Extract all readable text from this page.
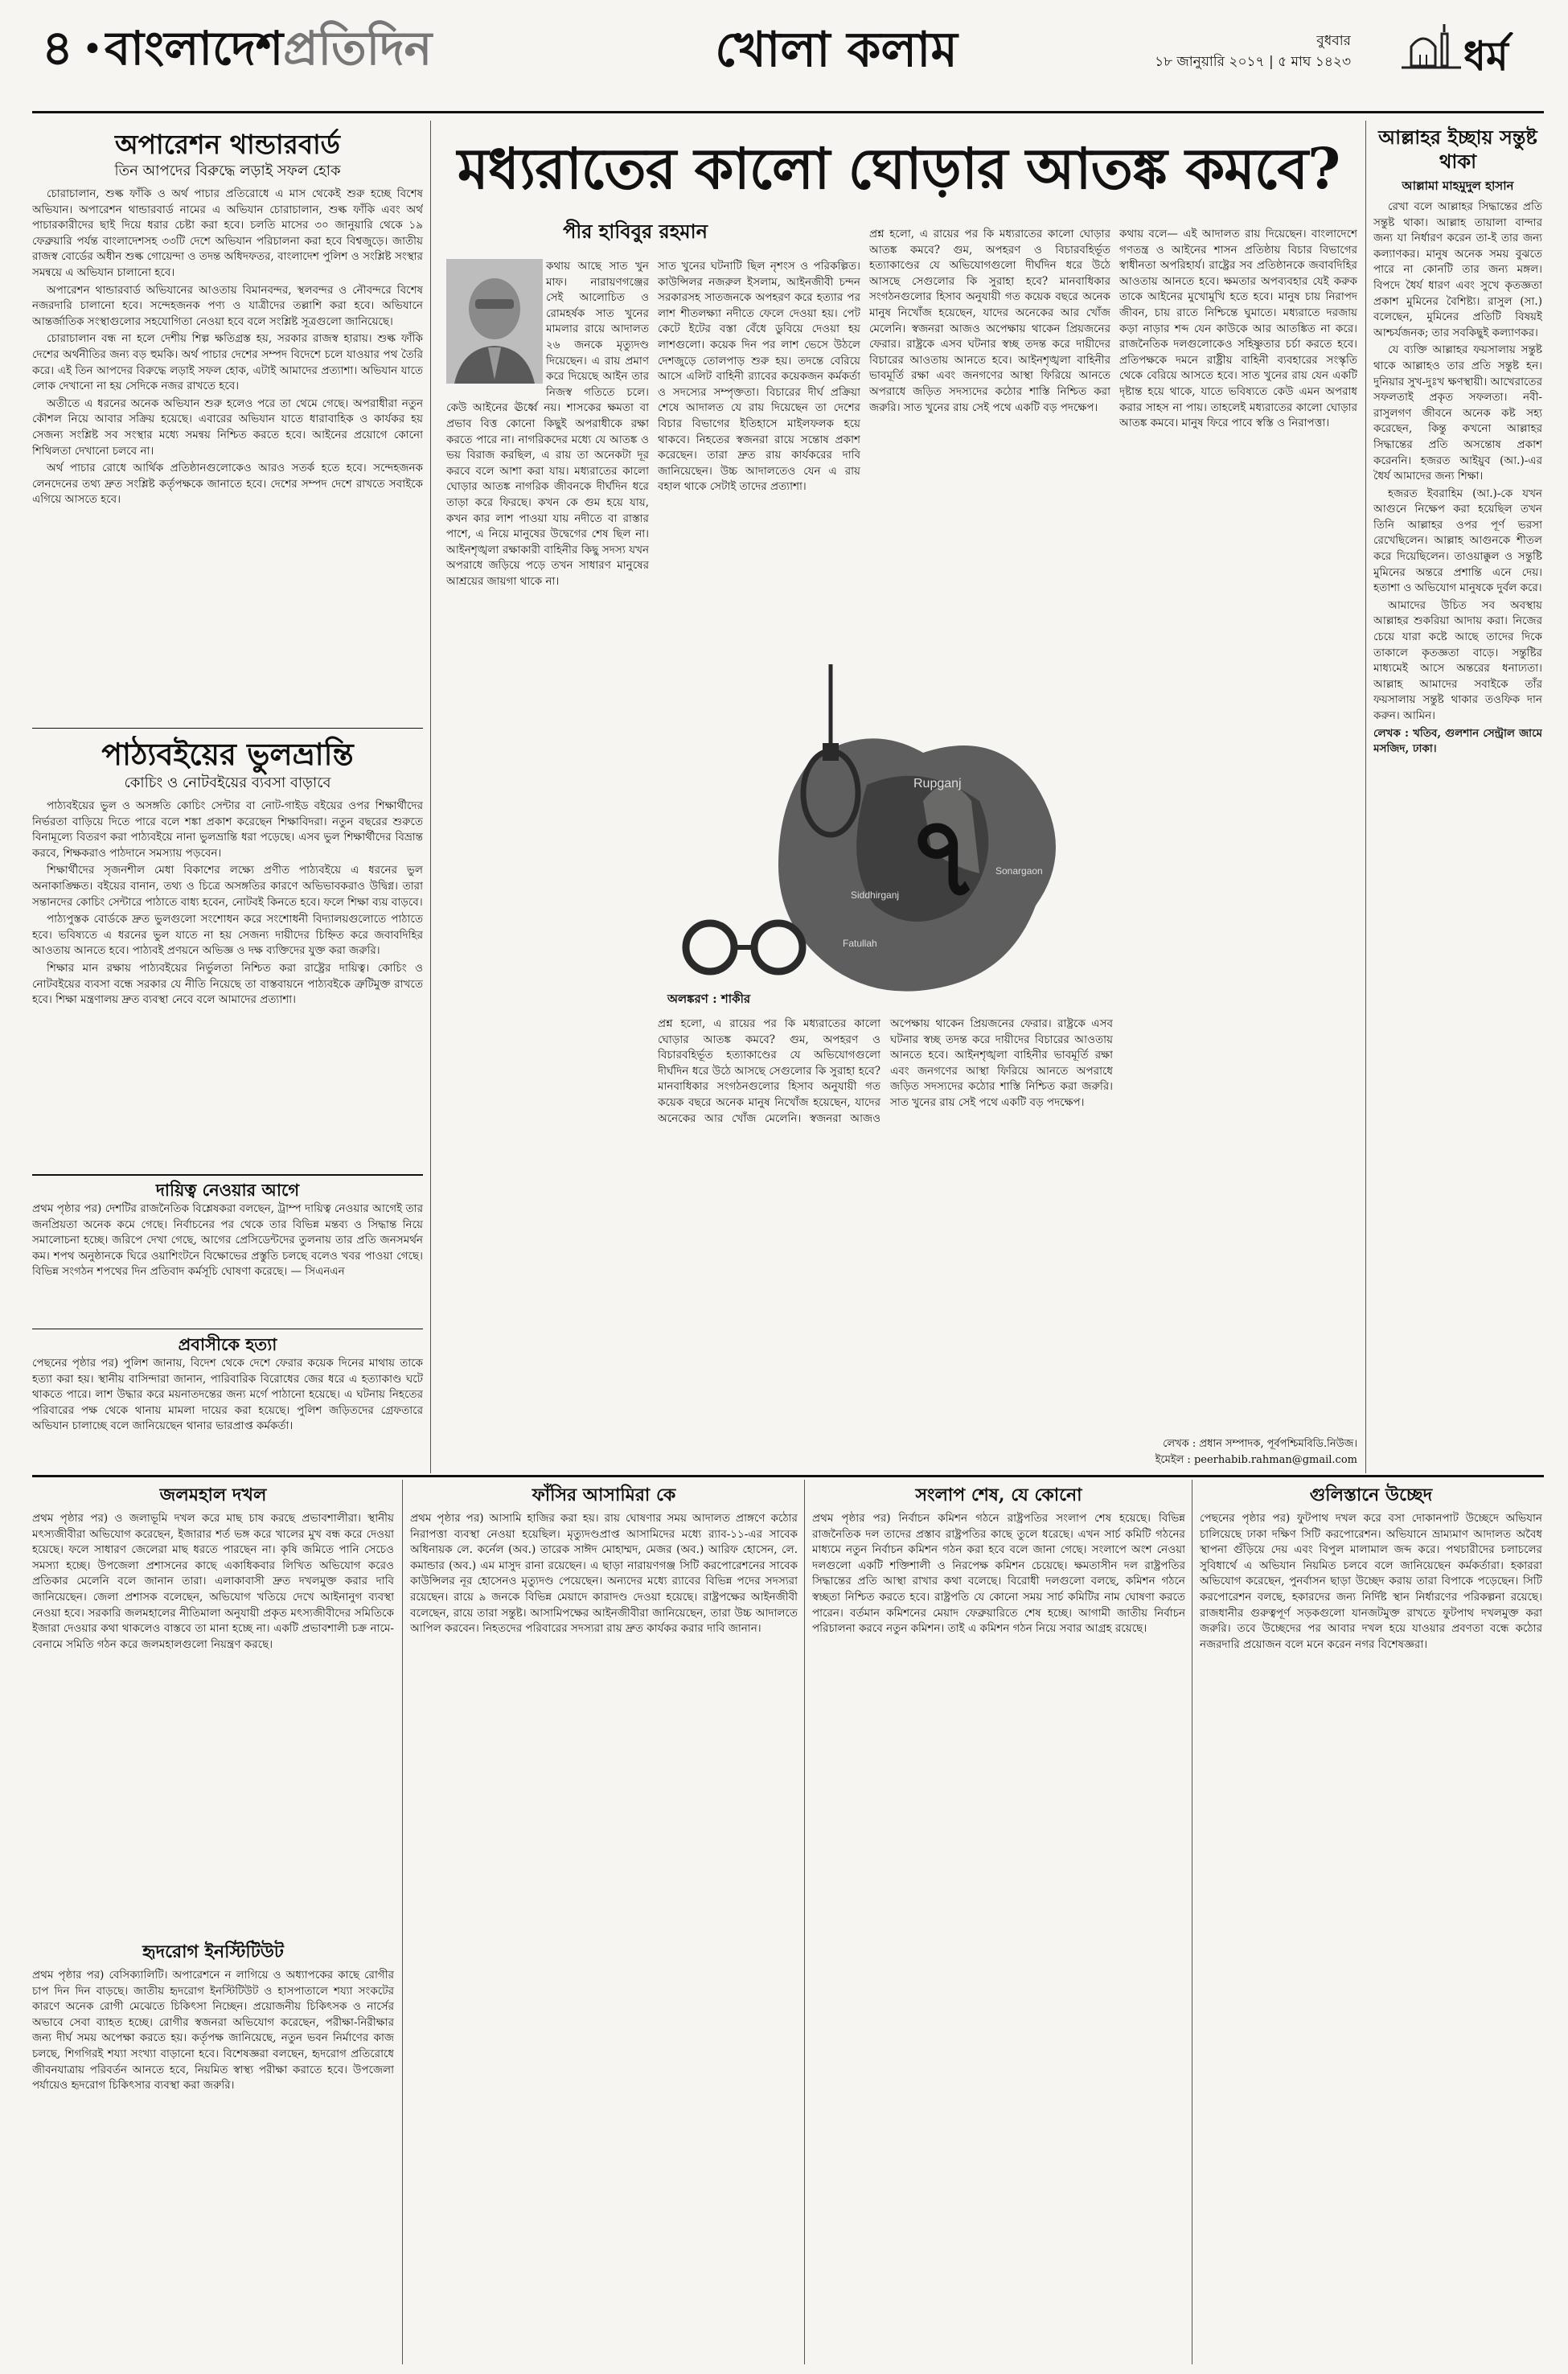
৪ • বাংলাদেশপ্রতিদিন	খোলা কলাম	বুধবার
১৮ জানুয়ারি ২০১৭ | ৫ মাঘ ১৪২৩	ধর্ম
অপারেশন থান্ডারবার্ড
তিন আপদের বিরুদ্ধে লড়াই সফল হোক

চোরাচালান, শুল্ক ফাঁকি ও অর্থ পাচার প্রতিরোধে এ মাস থেকেই শুরু হচ্ছে বিশেষ অভিযান। অপারেশন থান্ডারবার্ড নামের এ অভিযান চোরাচালান, শুল্ক ফাঁকি এবং অর্থ পাচারকারীদের ছাই দিয়ে ধরার চেষ্টা করা হবে। চলতি মাসের ৩০ জানুয়ারি থেকে ১৯ ফেব্রুয়ারি পর্যন্ত বাংলাদেশসহ ৩৩টি দেশে অভিযান পরিচালনা করা হবে বিশ্বজুড়ে। জাতীয় রাজস্ব বোর্ডের অধীন শুল্ক গোয়েন্দা ও তদন্ত অধিদফতর, বাংলাদেশ পুলিশ ও সংশ্লিষ্ট সংস্থার সমন্বয়ে এ অভিযান চালানো হবে।

অপারেশন থান্ডারবার্ড অভিযানের আওতায় বিমানবন্দর, স্থলবন্দর ও নৌবন্দরে বিশেষ নজরদারি চালানো হবে। সন্দেহজনক পণ্য ও যাত্রীদের তল্লাশি করা হবে। অভিযানে আন্তর্জাতিক সংস্থাগুলোর সহযোগিতা নেওয়া হবে বলে সংশ্লিষ্ট সূত্রগুলো জানিয়েছে।

চোরাচালান বন্ধ না হলে দেশীয় শিল্প ক্ষতিগ্রস্ত হয়, সরকার রাজস্ব হারায়। শুল্ক ফাঁকি দেশের অর্থনীতির জন্য বড় হুমকি। অর্থ পাচার দেশের সম্পদ বিদেশে চলে যাওয়ার পথ তৈরি করে। এই তিন আপদের বিরুদ্ধে লড়াই সফল হোক, এটাই আমাদের প্রত্যাশা। অভিযান যাতে লোক দেখানো না হয় সেদিকে নজর রাখতে হবে।

অতীতে এ ধরনের অনেক অভিযান শুরু হলেও পরে তা থেমে গেছে। অপরাধীরা নতুন কৌশল নিয়ে আবার সক্রিয় হয়েছে। এবারের অভিযান যাতে ধারাবাহিক ও কার্যকর হয় সেজন্য সংশ্লিষ্ট সব সংস্থার মধ্যে সমন্বয় নিশ্চিত করতে হবে। আইনের প্রয়োগে কোনো শিথিলতা দেখানো চলবে না।

অর্থ পাচার রোধে আর্থিক প্রতিষ্ঠানগুলোকেও আরও সতর্ক হতে হবে। সন্দেহজনক লেনদেনের তথ্য দ্রুত সংশ্লিষ্ট কর্তৃপক্ষকে জানাতে হবে। দেশের সম্পদ দেশে রাখতে সবাইকে এগিয়ে আসতে হবে।

পাঠ্যবইয়ের ভুলভ্রান্তি
কোচিং ও নোটবইয়ের ব্যবসা বাড়াবে

পাঠ্যবইয়ের ভুল ও অসঙ্গতি কোচিং সেন্টার বা নোট-গাইড বইয়ের ওপর শিক্ষার্থীদের নির্ভরতা বাড়িয়ে দিতে পারে বলে শঙ্কা প্রকাশ করেছেন শিক্ষাবিদরা। নতুন বছরের শুরুতে বিনামূল্যে বিতরণ করা পাঠ্যবইয়ে নানা ভুলভ্রান্তি ধরা পড়েছে। এসব ভুল শিক্ষার্থীদের বিভ্রান্ত করবে, শিক্ষকরাও পাঠদানে সমস্যায় পড়বেন।

শিক্ষার্থীদের সৃজনশীল মেধা বিকাশের লক্ষ্যে প্রণীত পাঠ্যবইয়ে এ ধরনের ভুল অনাকাঙ্ক্ষিত। বইয়ের বানান, তথ্য ও চিত্রে অসঙ্গতির কারণে অভিভাবকরাও উদ্বিগ্ন। তারা সন্তানদের কোচিং সেন্টারে পাঠাতে বাধ্য হবেন, নোটবই কিনতে হবে। ফলে শিক্ষা ব্যয় বাড়বে।

পাঠ্যপুস্তক বোর্ডকে দ্রুত ভুলগুলো সংশোধন করে সংশোধনী বিদ্যালয়গুলোতে পাঠাতে হবে। ভবিষ্যতে এ ধরনের ভুল যাতে না হয় সেজন্য দায়ীদের চিহ্নিত করে জবাবদিহির আওতায় আনতে হবে। পাঠ্যবই প্রণয়নে অভিজ্ঞ ও দক্ষ ব্যক্তিদের যুক্ত করা জরুরি।

শিক্ষার মান রক্ষায় পাঠ্যবইয়ের নির্ভুলতা নিশ্চিত করা রাষ্ট্রের দায়িত্ব। কোচিং ও নোটবইয়ের ব্যবসা বন্ধে সরকার যে নীতি নিয়েছে তা বাস্তবায়নে পাঠ্যবইকে ত্রুটিমুক্ত রাখতে হবে। শিক্ষা মন্ত্রণালয় দ্রুত ব্যবস্থা নেবে বলে আমাদের প্রত্যাশা।

দায়িত্ব নেওয়ার আগে
প্রথম পৃষ্ঠার পর) দেশটির রাজনৈতিক বিশ্লেষকরা বলছেন, ট্রাম্প দায়িত্ব নেওয়ার আগেই তার জনপ্রিয়তা অনেক কমে গেছে। নির্বাচনের পর থেকে তার বিভিন্ন মন্তব্য ও সিদ্ধান্ত নিয়ে সমালোচনা হচ্ছে। জরিপে দেখা গেছে, আগের প্রেসিডেন্টদের তুলনায় তার প্রতি জনসমর্থন কম। শপথ অনুষ্ঠানকে ঘিরে ওয়াশিংটনে বিক্ষোভের প্রস্তুতি চলছে বলেও খবর পাওয়া গেছে। বিভিন্ন সংগঠন শপথের দিন প্রতিবাদ কর্মসূচি ঘোষণা করেছে। — সিএনএন
প্রবাসীকে হত্যা
পেছনের পৃষ্ঠার পর) পুলিশ জানায়, বিদেশ থেকে দেশে ফেরার কয়েক দিনের মাথায় তাকে হত্যা করা হয়। স্থানীয় বাসিন্দারা জানান, পারিবারিক বিরোধের জের ধরে এ হত্যাকাণ্ড ঘটে থাকতে পারে। লাশ উদ্ধার করে ময়নাতদন্তের জন্য মর্গে পাঠানো হয়েছে। এ ঘটনায় নিহতের পরিবারের পক্ষ থেকে থানায় মামলা দায়ের করা হয়েছে। পুলিশ জড়িতদের গ্রেফতারে অভিযান চালাচ্ছে বলে জানিয়েছেন থানার ভারপ্রাপ্ত কর্মকর্তা।
মধ্যরাতের কালো ঘোড়ার আতঙ্ক কমবে?
পীর হাবিবুর রহমান
কথায় আছে সাত খুন মাফ। নারায়ণগঞ্জের সেই আলোচিত ও রোমহর্ষক সাত খুনের মামলার রায়ে আদালত ২৬ জনকে মৃত্যুদণ্ড দিয়েছেন। এ রায় প্রমাণ করে দিয়েছে আইন তার নিজস্ব গতিতে চলে। কেউ আইনের ঊর্ধ্বে নয়। শাসকের ক্ষমতা বা প্রভাব বিত্ত কোনো কিছুই অপরাধীকে রক্ষা করতে পারে না। নাগরিকদের মধ্যে যে আতঙ্ক ও ভয় বিরাজ করছিল, এ রায় তা অনেকটা দূর করবে বলে আশা করা যায়। মধ্যরাতের কালো ঘোড়ার আতঙ্ক নাগরিক জীবনকে দীর্ঘদিন ধরে তাড়া করে ফিরছে। কখন কে গুম হয়ে যায়, কখন কার লাশ পাওয়া যায় নদীতে বা রাস্তার পাশে, এ নিয়ে মানুষের উদ্বেগের শেষ ছিল না। আইনশৃঙ্খলা রক্ষাকারী বাহিনীর কিছু সদস্য যখন অপরাধে জড়িয়ে পড়ে তখন সাধারণ মানুষের আশ্রয়ের জায়গা থাকে না।
সাত খুনের ঘটনাটি ছিল নৃশংস ও পরিকল্পিত। কাউন্সিলর নজরুল ইসলাম, আইনজীবী চন্দন সরকারসহ সাতজনকে অপহরণ করে হত্যার পর লাশ শীতলক্ষ্যা নদীতে ফেলে দেওয়া হয়। পেট কেটে ইটের বস্তা বেঁধে ডুবিয়ে দেওয়া হয় লাশগুলো। কয়েক দিন পর লাশ ভেসে উঠলে দেশজুড়ে তোলপাড় শুরু হয়। তদন্তে বেরিয়ে আসে এলিট বাহিনী র‌্যাবের কয়েকজন কর্মকর্তা ও সদস্যের সম্পৃক্ততা। বিচারের দীর্ঘ প্রক্রিয়া শেষে আদালত যে রায় দিয়েছেন তা দেশের বিচার বিভাগের ইতিহাসে মাইলফলক হয়ে থাকবে। নিহতের স্বজনরা রায়ে সন্তোষ প্রকাশ করেছেন। তারা দ্রুত রায় কার্যকরের দাবি জানিয়েছেন। উচ্চ আদালতেও যেন এ রায় বহাল থাকে সেটাই তাদের প্রত্যাশা।
প্রশ্ন হলো, এ রায়ের পর কি মধ্যরাতের কালো ঘোড়ার আতঙ্ক কমবে? গুম, অপহরণ ও বিচারবহির্ভূত হত্যাকাণ্ডের যে অভিযোগগুলো দীর্ঘদিন ধরে উঠে আসছে সেগুলোর কি সুরাহা হবে? মানবাধিকার সংগঠনগুলোর হিসাব অনুযায়ী গত কয়েক বছরে অনেক মানুষ নিখোঁজ হয়েছেন, যাদের অনেকের আর খোঁজ মেলেনি। স্বজনরা আজও অপেক্ষায় থাকেন প্রিয়জনের ফেরার। রাষ্ট্রকে এসব ঘটনার স্বচ্ছ তদন্ত করে দায়ীদের বিচারের আওতায় আনতে হবে। আইনশৃঙ্খলা বাহিনীর ভাবমূর্তি রক্ষা এবং জনগণের আস্থা ফিরিয়ে আনতে অপরাধে জড়িত সদস্যদের কঠোর শাস্তি নিশ্চিত করা জরুরি। সাত খুনের রায় সেই পথে একটি বড় পদক্ষেপ।
কথায় বলে— এই আদালত রায় দিয়েছেন। বাংলাদেশে গণতন্ত্র ও আইনের শাসন প্রতিষ্ঠায় বিচার বিভাগের স্বাধীনতা অপরিহার্য। রাষ্ট্রের সব প্রতিষ্ঠানকে জবাবদিহির আওতায় আনতে হবে। ক্ষমতার অপব্যবহার যেই করুক তাকে আইনের মুখোমুখি হতে হবে। মানুষ চায় নিরাপদ জীবন, চায় রাতে নিশ্চিন্তে ঘুমাতে। মধ্যরাতে দরজায় কড়া নাড়ার শব্দ যেন কাউকে আর আতঙ্কিত না করে। রাজনৈতিক দলগুলোকেও সহিষ্ণুতার চর্চা করতে হবে। প্রতিপক্ষকে দমনে রাষ্ট্রীয় বাহিনী ব্যবহারের সংস্কৃতি থেকে বেরিয়ে আসতে হবে। সাত খুনের রায় যেন একটি দৃষ্টান্ত হয়ে থাকে, যাতে ভবিষ্যতে কেউ এমন অপরাধ করার সাহস না পায়। তাহলেই মধ্যরাতের কালো ঘোড়ার আতঙ্ক কমবে। মানুষ ফিরে পাবে স্বস্তি ও নিরাপত্তা।
৭
Rupganj
Sonargaon
Fatullah
Siddhirganj
অলঙ্করণ : শাকীর
প্রশ্ন হলো, এ রায়ের পর কি মধ্যরাতের কালো ঘোড়ার আতঙ্ক কমবে? গুম, অপহরণ ও বিচারবহির্ভূত হত্যাকাণ্ডের যে অভিযোগগুলো দীর্ঘদিন ধরে উঠে আসছে সেগুলোর কি সুরাহা হবে? মানবাধিকার সংগঠনগুলোর হিসাব অনুযায়ী গত কয়েক বছরে অনেক মানুষ নিখোঁজ হয়েছেন, যাদের অনেকের আর খোঁজ মেলেনি। স্বজনরা আজও অপেক্ষায় থাকেন প্রিয়জনের ফেরার। রাষ্ট্রকে এসব ঘটনার স্বচ্ছ তদন্ত করে দায়ীদের বিচারের আওতায় আনতে হবে। আইনশৃঙ্খলা বাহিনীর ভাবমূর্তি রক্ষা এবং জনগণের আস্থা ফিরিয়ে আনতে অপরাধে জড়িত সদস্যদের কঠোর শাস্তি নিশ্চিত করা জরুরি। সাত খুনের রায় সেই পথে একটি বড় পদক্ষেপ।
লেখক : প্রধান সম্পাদক, পূর্বপশ্চিমবিডি.নিউজ।
ইমেইল : peerhabib.rahman@gmail.com
আল্লাহর ইচ্ছায় সন্তুষ্ট থাকা
আল্লামা মাহমুদুল হাসান

রেখা বলে আল্লাহর সিদ্ধান্তের প্রতি সন্তুষ্ট থাকা। আল্লাহ তায়ালা বান্দার জন্য যা নির্ধারণ করেন তা-ই তার জন্য কল্যাণকর। মানুষ অনেক সময় বুঝতে পারে না কোনটি তার জন্য মঙ্গল। বিপদে ধৈর্য ধারণ এবং সুখে কৃতজ্ঞতা প্রকাশ মুমিনের বৈশিষ্ট্য। রাসুল (সা.) বলেছেন, মুমিনের প্রতিটি বিষয়ই আশ্চর্যজনক; তার সবকিছুই কল্যাণকর।

যে ব্যক্তি আল্লাহর ফয়সালায় সন্তুষ্ট থাকে আল্লাহও তার প্রতি সন্তুষ্ট হন। দুনিয়ার সুখ-দুঃখ ক্ষণস্থায়ী। আখেরাতের সফলতাই প্রকৃত সফলতা। নবী-রাসুলগণ জীবনে অনেক কষ্ট সহ্য করেছেন, কিন্তু কখনো আল্লাহর সিদ্ধান্তের প্রতি অসন্তোষ প্রকাশ করেননি। হজরত আইয়ুব (আ.)-এর ধৈর্য আমাদের জন্য শিক্ষা।

হজরত ইবরাহিম (আ.)-কে যখন আগুনে নিক্ষেপ করা হয়েছিল তখন তিনি আল্লাহর ওপর পূর্ণ ভরসা রেখেছিলেন। আল্লাহ আগুনকে শীতল করে দিয়েছিলেন। তাওয়াক্কুল ও সন্তুষ্টি মুমিনের অন্তরে প্রশান্তি এনে দেয়। হতাশা ও অভিযোগ মানুষকে দুর্বল করে।

আমাদের উচিত সব অবস্থায় আল্লাহর শুকরিয়া আদায় করা। নিজের চেয়ে যারা কষ্টে আছে তাদের দিকে তাকালে কৃতজ্ঞতা বাড়ে। সন্তুষ্টির মাধ্যমেই আসে অন্তরের ধনাঢ্যতা। আল্লাহ আমাদের সবাইকে তাঁর ফয়সালায় সন্তুষ্ট থাকার তওফিক দান করুন। আমিন।

লেখক : খতিব, গুলশান সেন্ট্রাল জামে মসজিদ, ঢাকা।

জলমহাল দখল
প্রথম পৃষ্ঠার পর) ও জলাভূমি দখল করে মাছ চাষ করছে প্রভাবশালীরা। স্থানীয় মৎস্যজীবীরা অভিযোগ করেছেন, ইজারার শর্ত ভঙ্গ করে খালের মুখ বন্ধ করে দেওয়া হয়েছে। ফলে সাধারণ জেলেরা মাছ ধরতে পারছেন না। কৃষি জমিতে পানি সেচেও সমস্যা হচ্ছে। উপজেলা প্রশাসনের কাছে একাধিকবার লিখিত অভিযোগ করেও প্রতিকার মেলেনি বলে জানান তারা। এলাকাবাসী দ্রুত দখলমুক্ত করার দাবি জানিয়েছেন। জেলা প্রশাসক বলেছেন, অভিযোগ খতিয়ে দেখে আইনানুগ ব্যবস্থা নেওয়া হবে। সরকারি জলমহালের নীতিমালা অনুযায়ী প্রকৃত মৎস্যজীবীদের সমিতিকে ইজারা দেওয়ার কথা থাকলেও বাস্তবে তা মানা হচ্ছে না। একটি প্রভাবশালী চক্র নামে-বেনামে সমিতি গঠন করে জলমহালগুলো নিয়ন্ত্রণ করছে।
হৃদরোগ ইনস্টিটিউট
প্রথম পৃষ্ঠার পর) বেসিক্যালিটি। অপারেশনে ন লাগিয়ে ও অধ্যাপকের কাছে রোগীর চাপ দিন দিন বাড়ছে। জাতীয় হৃদরোগ ইনস্টিটিউট ও হাসপাতালে শয্যা সংকটের কারণে অনেক রোগী মেঝেতে চিকিৎসা নিচ্ছেন। প্রয়োজনীয় চিকিৎসক ও নার্সের অভাবে সেবা ব্যাহত হচ্ছে। রোগীর স্বজনরা অভিযোগ করেছেন, পরীক্ষা-নিরীক্ষার জন্য দীর্ঘ সময় অপেক্ষা করতে হয়। কর্তৃপক্ষ জানিয়েছে, নতুন ভবন নির্মাণের কাজ চলছে, শিগগিরই শয্যা সংখ্যা বাড়ানো হবে। বিশেষজ্ঞরা বলছেন, হৃদরোগ প্রতিরোধে জীবনযাত্রায় পরিবর্তন আনতে হবে, নিয়মিত স্বাস্থ্য পরীক্ষা করাতে হবে। উপজেলা পর্যায়েও হৃদরোগ চিকিৎসার ব্যবস্থা করা জরুরি।
ফাঁসির আসামিরা কে
প্রথম পৃষ্ঠার পর) আসামি হাজির করা হয়। রায় ঘোষণার সময় আদালত প্রাঙ্গণে কঠোর নিরাপত্তা ব্যবস্থা নেওয়া হয়েছিল। মৃত্যুদণ্ডপ্রাপ্ত আসামিদের মধ্যে র‌্যাব-১১-এর সাবেক অধিনায়ক লে. কর্নেল (অব.) তারেক সাঈদ মোহাম্মদ, মেজর (অব.) আরিফ হোসেন, লে. কমান্ডার (অব.) এম মাসুদ রানা রয়েছেন। এ ছাড়া নারায়ণগঞ্জ সিটি করপোরেশনের সাবেক কাউন্সিলর নূর হোসেনও মৃত্যুদণ্ড পেয়েছেন। অন্যদের মধ্যে র‌্যাবের বিভিন্ন পদের সদস্যরা রয়েছেন। রায়ে ৯ জনকে বিভিন্ন মেয়াদে কারাদণ্ড দেওয়া হয়েছে। রাষ্ট্রপক্ষের আইনজীবী বলেছেন, রায়ে তারা সন্তুষ্ট। আসামিপক্ষের আইনজীবীরা জানিয়েছেন, তারা উচ্চ আদালতে আপিল করবেন। নিহতদের পরিবারের সদস্যরা রায় দ্রুত কার্যকর করার দাবি জানান।
সংলাপ শেষ, যে কোনো
প্রথম পৃষ্ঠার পর) নির্বাচন কমিশন গঠনে রাষ্ট্রপতির সংলাপ শেষ হয়েছে। বিভিন্ন রাজনৈতিক দল তাদের প্রস্তাব রাষ্ট্রপতির কাছে তুলে ধরেছে। এখন সার্চ কমিটি গঠনের মাধ্যমে নতুন নির্বাচন কমিশন গঠন করা হবে বলে জানা গেছে। সংলাপে অংশ নেওয়া দলগুলো একটি শক্তিশালী ও নিরপেক্ষ কমিশন চেয়েছে। ক্ষমতাসীন দল রাষ্ট্রপতির সিদ্ধান্তের প্রতি আস্থা রাখার কথা বলেছে। বিরোধী দলগুলো বলছে, কমিশন গঠনে স্বচ্ছতা নিশ্চিত করতে হবে। রাষ্ট্রপতি যে কোনো সময় সার্চ কমিটির নাম ঘোষণা করতে পারেন। বর্তমান কমিশনের মেয়াদ ফেব্রুয়ারিতে শেষ হচ্ছে। আগামী জাতীয় নির্বাচন পরিচালনা করবে নতুন কমিশন। তাই এ কমিশন গঠন নিয়ে সবার আগ্রহ রয়েছে।
গুলিস্তানে উচ্ছেদ
পেছনের পৃষ্ঠার পর) ফুটপাথ দখল করে বসা দোকানপাট উচ্ছেদে অভিযান চালিয়েছে ঢাকা দক্ষিণ সিটি করপোরেশন। অভিযানে ভ্রাম্যমাণ আদালত অবৈধ স্থাপনা গুঁড়িয়ে দেয় এবং বিপুল মালামাল জব্দ করে। পথচারীদের চলাচলের সুবিধার্থে এ অভিযান নিয়মিত চলবে বলে জানিয়েছেন কর্মকর্তারা। হকাররা অভিযোগ করেছেন, পুনর্বাসন ছাড়া উচ্ছেদ করায় তারা বিপাকে পড়েছেন। সিটি করপোরেশন বলছে, হকারদের জন্য নির্দিষ্ট স্থান নির্ধারণের পরিকল্পনা রয়েছে। রাজধানীর গুরুত্বপূর্ণ সড়কগুলো যানজটমুক্ত রাখতে ফুটপাথ দখলমুক্ত করা জরুরি। তবে উচ্ছেদের পর আবার দখল হয়ে যাওয়ার প্রবণতা বন্ধে কঠোর নজরদারি প্রয়োজন বলে মনে করেন নগর বিশেষজ্ঞরা।
